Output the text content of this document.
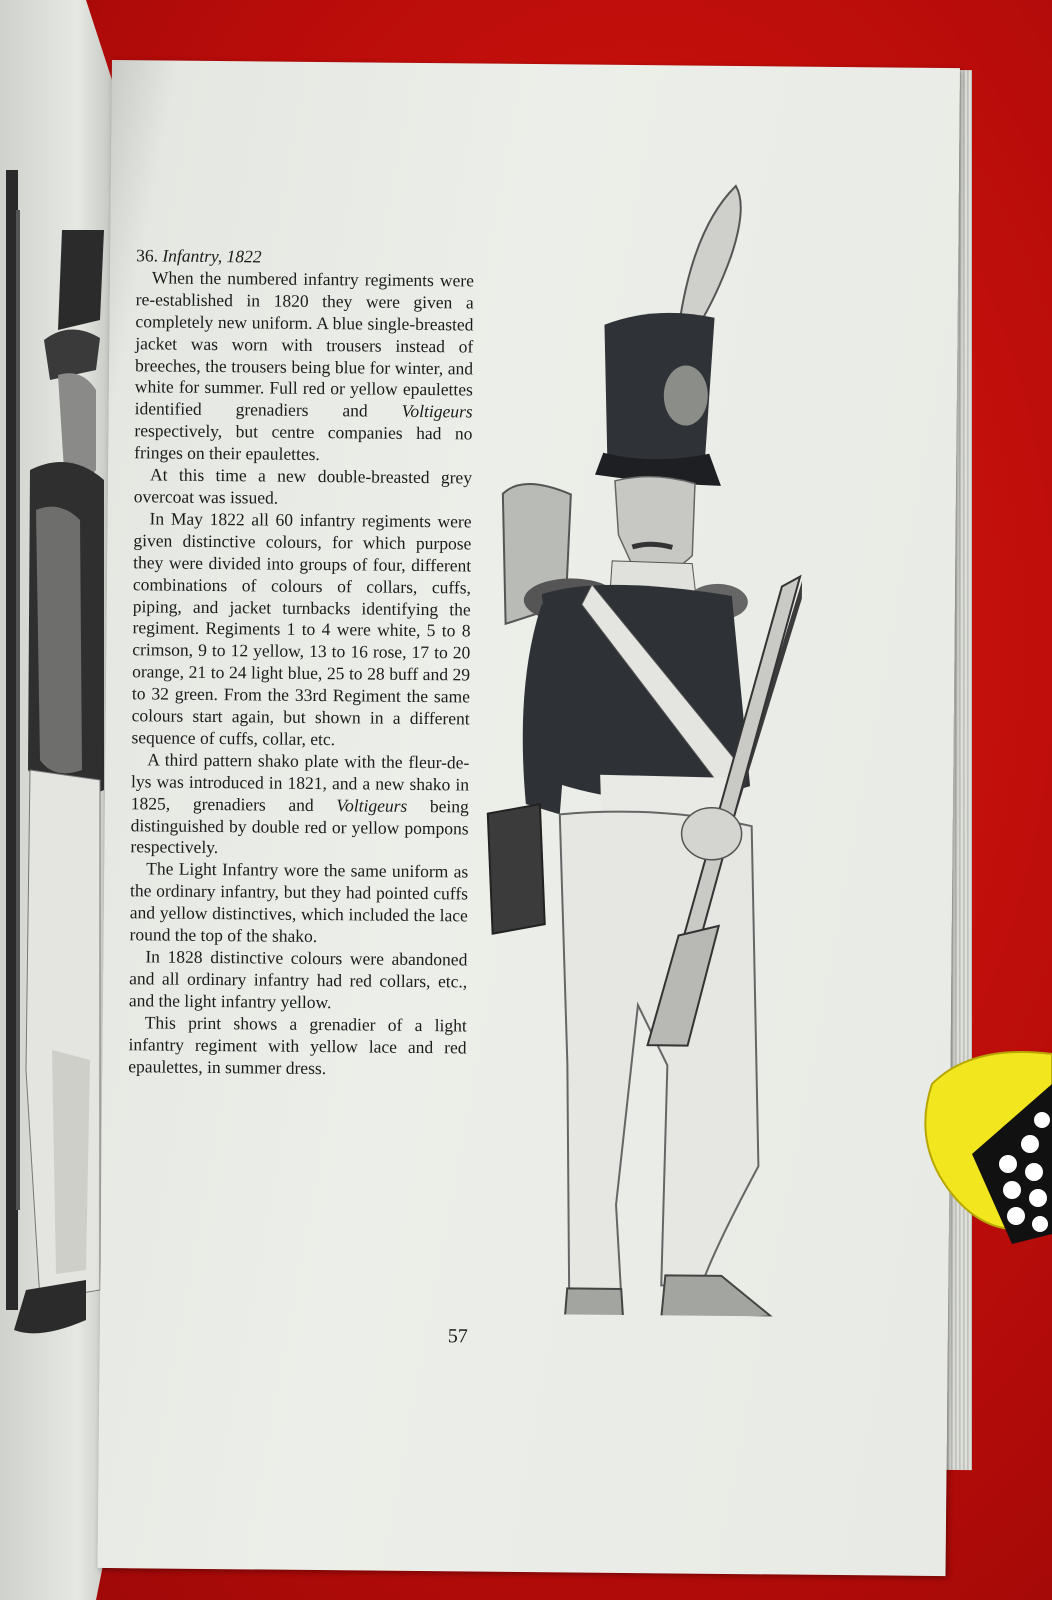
36. Infantry, 1822

When the numbered infantry regiments were re-established in 1820 they were given a completely new uniform. A blue single-breasted jacket was worn with trousers instead of breeches, the trousers being blue for winter, and white for summer. Full red or yellow epaulettes identified grenadiers and Voltigeurs respectively, but centre companies had no fringes on their epaulettes.

At this time a new double-breasted grey overcoat was issued.

In May 1822 all 60 infantry regiments were given distinctive colours, for which purpose they were divided into groups of four, different combinations of colours of collars, cuffs, piping, and jacket turnbacks identifying the regiment. Regiments 1 to 4 were white, 5 to 8 crimson, 9 to 12 yellow, 13 to 16 rose, 17 to 20 orange, 21 to 24 light blue, 25 to 28 buff and 29 to 32 green. From the 33rd Regiment the same colours start again, but shown in a different sequence of cuffs, collar, etc.

A third pattern shako plate with the fleur-de-lys was introduced in 1821, and a new shako in 1825, grenadiers and Voltigeurs being distinguished by double red or yellow pompons respectively.

The Light Infantry wore the same uniform as the ordinary infantry, but they had pointed cuffs and yellow distinctives, which included the lace round the top of the shako.

In 1828 distinctive colours were abandoned and all ordinary infantry had red collars, etc., and the light infantry yellow.

This print shows a grenadier of a light infantry regiment with yellow lace and red epaulettes, in summer dress.

57
